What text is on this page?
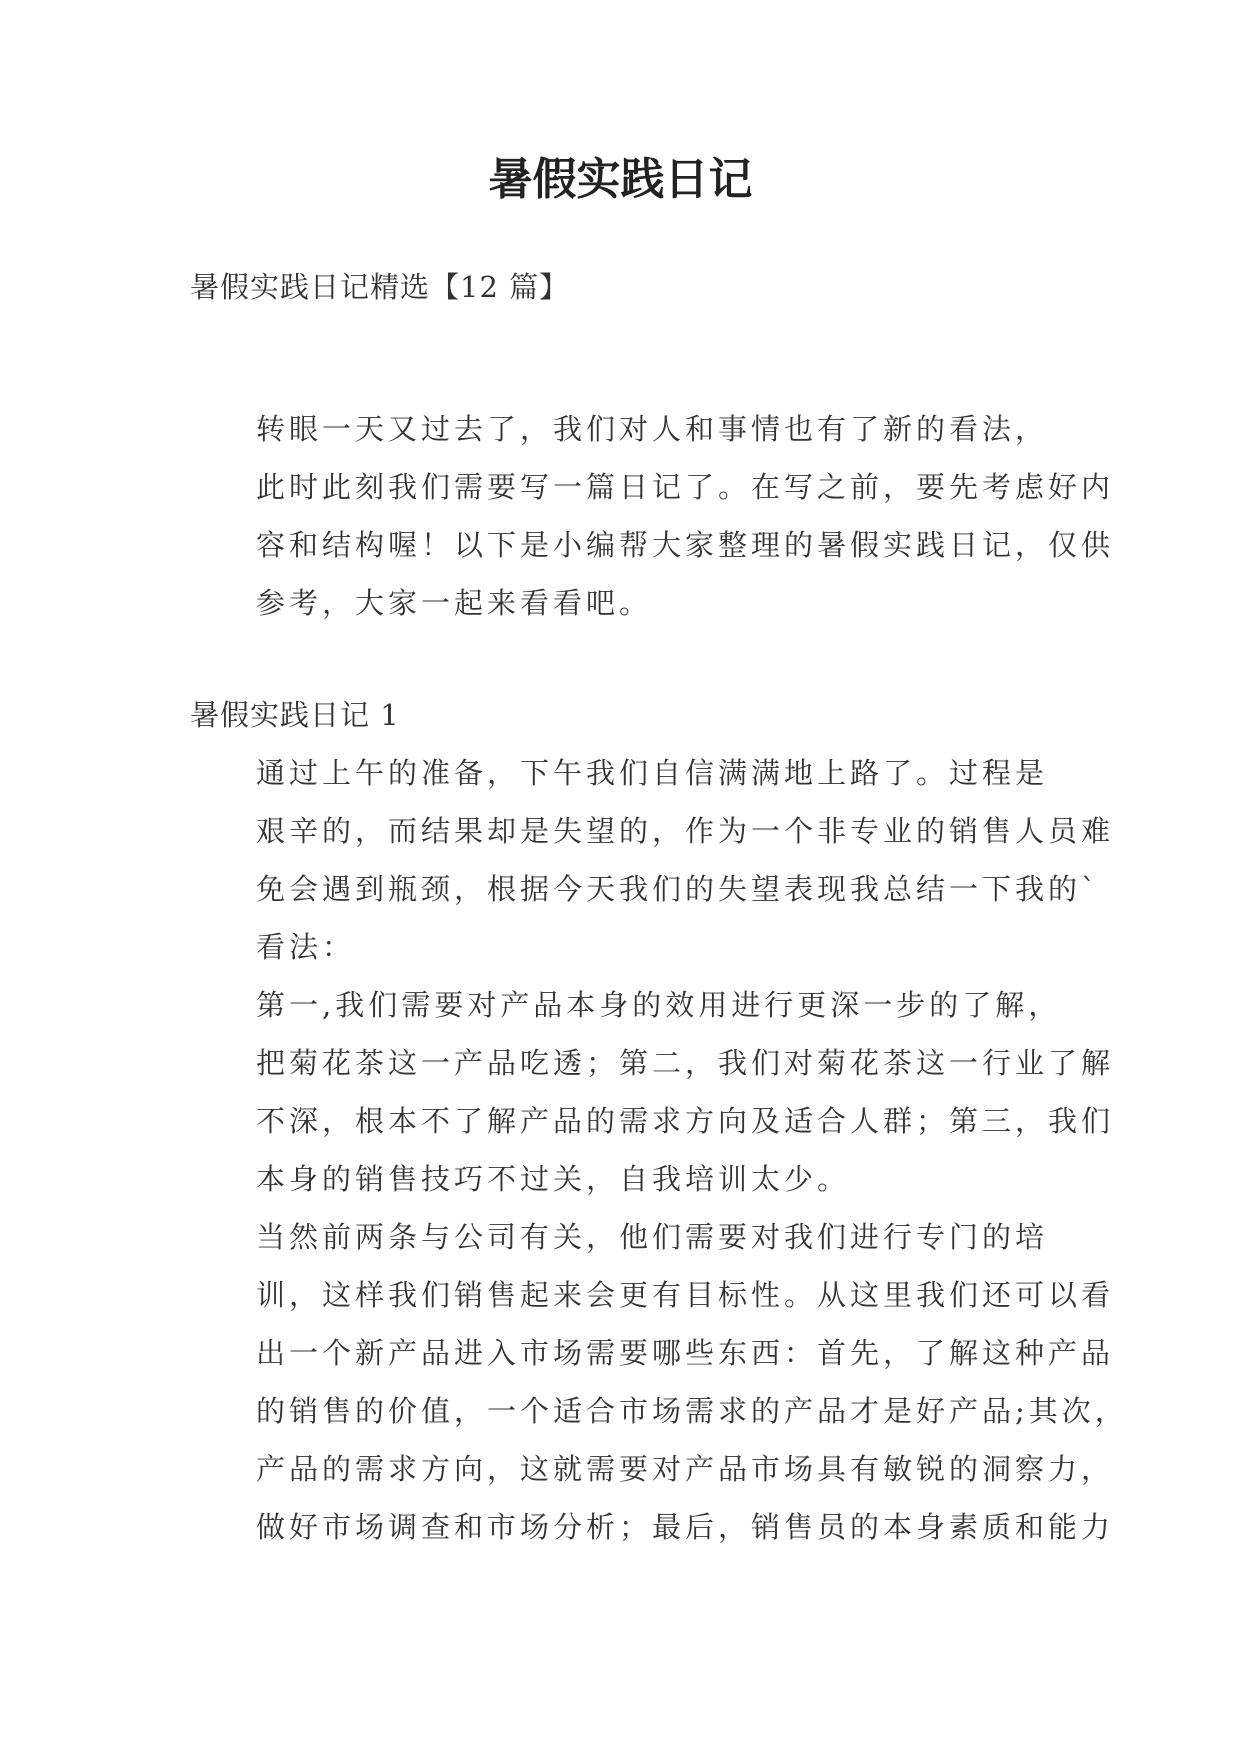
暑假实践日记

暑假实践日记精选【12 篇】

转眼一天又过去了，我们对人和事情也有了新的看法，
此时此刻我们需要写一篇日记了。在写之前，要先考虑好内
容和结构喔！以下是小编帮大家整理的暑假实践日记，仅供
参考，大家一起来看看吧。

暑假实践日记 1

通过上午的准备，下午我们自信满满地上路了。过程是
艰辛的，而结果却是失望的，作为一个非专业的销售人员难
免会遇到瓶颈，根据今天我们的失望表现我总结一下我的`
看法：

第一,我们需要对产品本身的效用进行更深一步的了解，
把菊花茶这一产品吃透；第二，我们对菊花茶这一行业了解
不深，根本不了解产品的需求方向及适合人群；第三，我们
本身的销售技巧不过关，自我培训太少。

当然前两条与公司有关，他们需要对我们进行专门的培
训，这样我们销售起来会更有目标性。从这里我们还可以看
出一个新产品进入市场需要哪些东西：首先，了解这种产品
的销售的价值，一个适合市场需求的产品才是好产品;其次，
产品的需求方向，这就需要对产品市场具有敏锐的洞察力，
做好市场调查和市场分析；最后，销售员的本身素质和能力
